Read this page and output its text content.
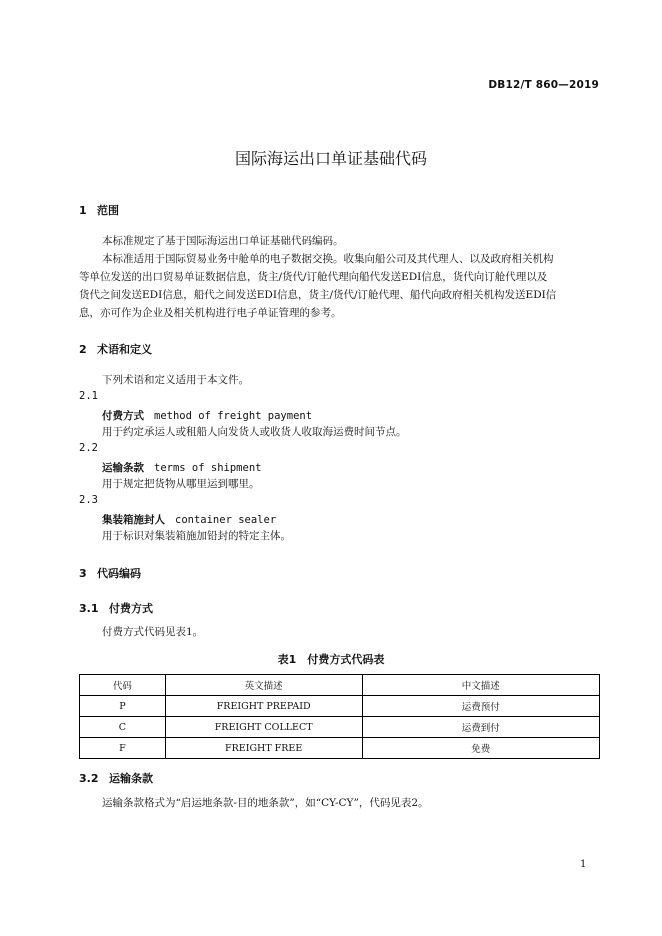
DB12/T 860—2019
国际海运出口单证基础代码
1 范围
本标准规定了基于国际海运出口单证基础代码编码。
本标准适用于国际贸易业务中舱单的电子数据交换。收集向船公司及其代理人、以及政府相关机构
等单位发送的出口贸易单证数据信息，货主/货代/订舱代理向船代发送EDI信息，货代向订舱代理以及
货代之间发送EDI信息，船代之间发送EDI信息，货主/货代/订舱代理、船代向政府相关机构发送EDI信
息，亦可作为企业及相关机构进行电子单证管理的参考。
2 术语和定义
下列术语和定义适用于本文件。
2.1
付费方式 method of freight payment
用于约定承运人或租船人向发货人或收货人收取海运费时间节点。
2.2
运输条款 terms of shipment
用于规定把货物从哪里运到哪里。
2.3
集装箱施封人 container sealer
用于标识对集装箱施加铅封的特定主体。
3 代码编码
3.1 付费方式
付费方式代码见表1。
表1　付费方式代码表
代码	英文描述	中文描述
P	FREIGHT PREPAID	运费预付
C	FREIGHT COLLECT	运费到付
F	FREIGHT FREE	免费
3.2 运输条款
运输条款格式为“启运地条款-目的地条款”，如“CY-CY”，代码见表2。
1
